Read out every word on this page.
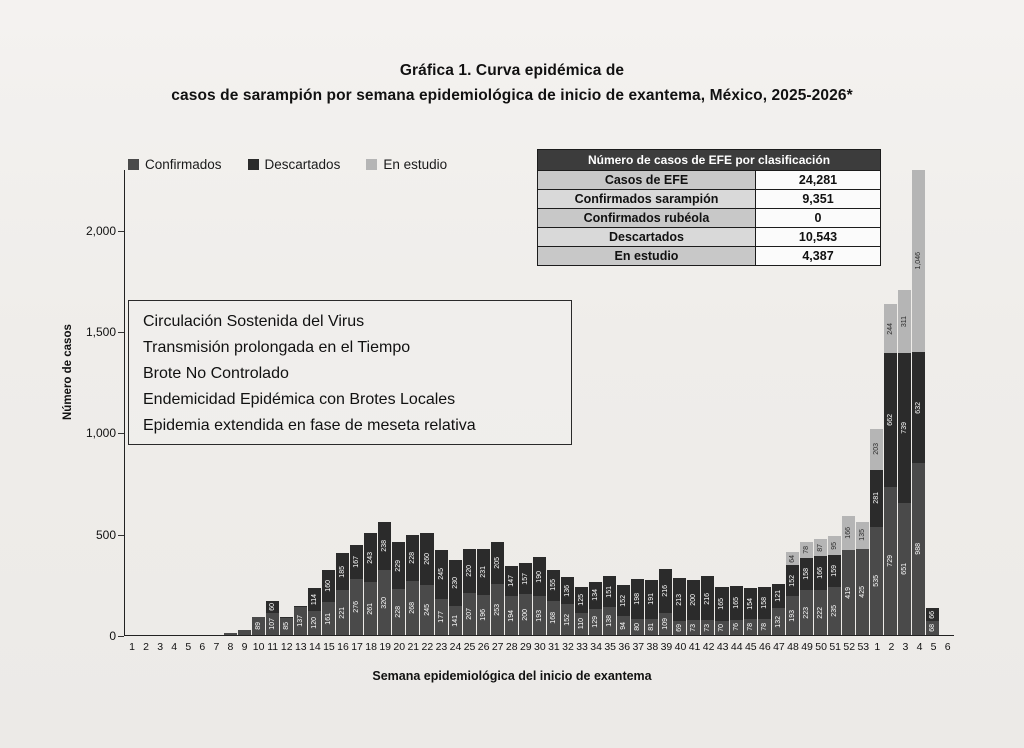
Gráfica 1. Curva epidémica de
casos de sarampión por semana epidemiológica de inicio de exantema, México, 2025-2026*
Confirmados	Descartados	En estudio	Número de casos de EFE por clasificación	
Casos de EFE	24,281
Confirmados sarampión	9,351
Confirmados rubéola	0
Descartados	10,543
En estudio	4,387
Circulación Sostenida del Virus
Transmisión prolongada en el Tiempo
Brote No Controlado
Endemicidad Epidémica con Brotes Locales
Epidemia extendida en fase de meseta relativa
Número de casos
0
500
1,000
1,500
2,000
89
60
107 85 137
114
120
160
161
185
221
167
276
243
261
238
320
229
228
228
268
260
245
245
177
230
141
220
207
231
196
205
253
147
194
157
200
190
193
155
168
136
152
125
110
134
129
151
138
152
94
198
80
191
81
216
109
213
69
200
73
216
73
165
70
165
76
154
78
158
78
121
132
64
152
193
78
158
223
87
166
222
95
159
235
166
419
135
425
203
281
535
244
662
729
311
739
651
1,046
632
988
66
68
1 2 3 4 5 6 7 8 9 10 11 12 13 14 15 16 17 18 19 20 21 22 23 24 25 26 27 28 29 30 31 32 33 34 35 36 37 38 39 40 41 42 43 44 45 46 47 48 49 50 51 52 53 1 2 3 4 5 6
Semana epidemiológica del inicio de exantema
